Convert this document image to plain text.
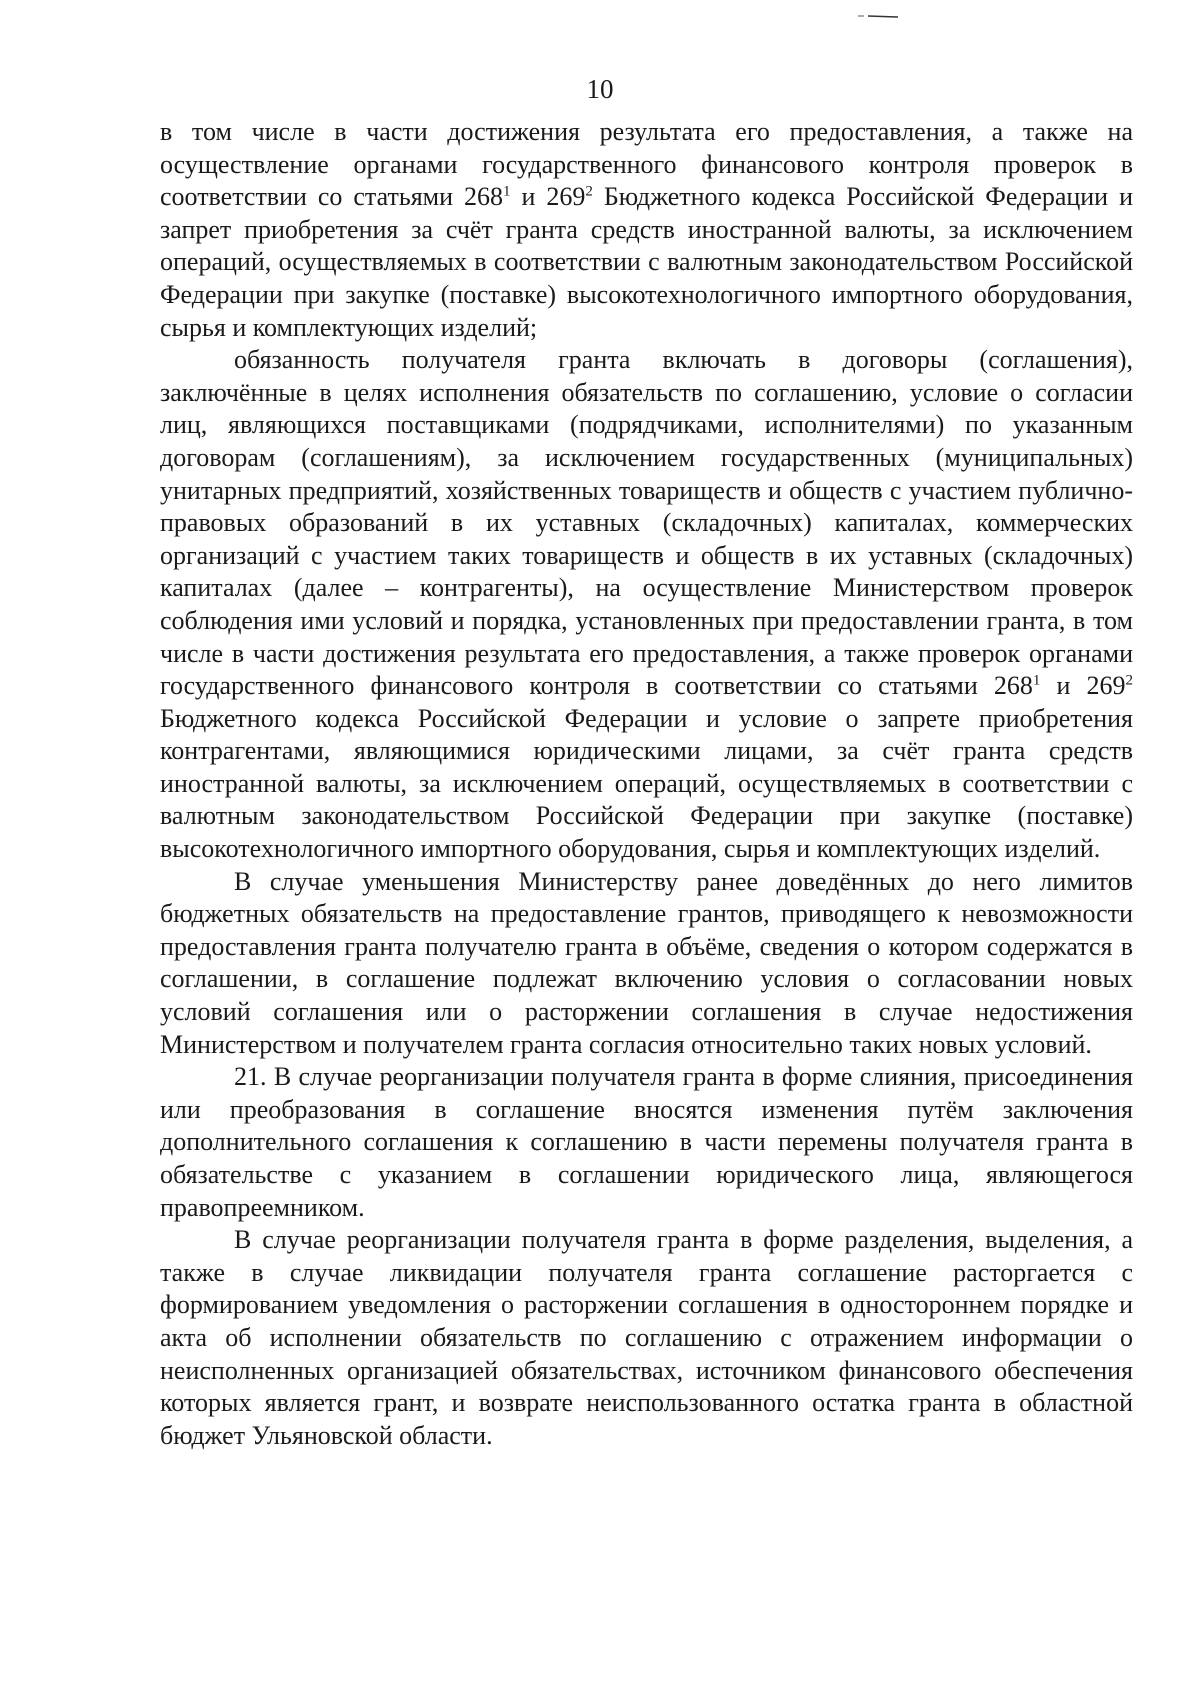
10

в том числе в части достижения результата его предоставления, а также на осуществление органами государственного финансового контроля проверок в соответствии со статьями $268^1$ и $269^2$ Бюджетного кодекса Российской Федерации и запрет приобретения за счёт гранта средств иностранной валюты, за исключением операций, осуществляемых в соответствии с валютным законодательством Российской Федерации при закупке (поставке) высокотехнологичного импортного оборудования, сырья и комплектующих изделий;

обязанность получателя гранта включать в договоры (соглашения), заключённые в целях исполнения обязательств по соглашению, условие о согласии лиц, являющихся поставщиками (подрядчиками, исполнителями) по указанным договорам (соглашениям), за исключением государственных (муниципальных) унитарных предприятий, хозяйственных товариществ и обществ с участием публично-правовых образований в их уставных (складочных) капиталах, коммерческих организаций с участием таких товариществ и обществ в их уставных (складочных) капиталах (далее – контрагенты), на осуществление Министерством проверок соблюдения ими условий и порядка, установленных при предоставлении гранта, в том числе в части достижения результата его предоставления, а также проверок органами государственного финансового контроля в соответствии со статьями $268^1$ и $269^2$ Бюджетного кодекса Российской Федерации и условие о запрете приобретения контрагентами, являющимися юридическими лицами, за счёт гранта средств иностранной валюты, за исключением операций, осуществляемых в соответствии с валютным законодательством Российской Федерации при закупке (поставке) высокотехнологичного импортного оборудования, сырья и комплектующих изделий.

В случае уменьшения Министерству ранее доведённых до него лимитов бюджетных обязательств на предоставление грантов, приводящего к невозможности предоставления гранта получателю гранта в объёме, сведения о котором содержатся в соглашении, в соглашение подлежат включению условия о согласовании новых условий соглашения или о расторжении соглашения в случае недостижения Министерством и получателем гранта согласия относительно таких новых условий.

21. В случае реорганизации получателя гранта в форме слияния, присоединения или преобразования в соглашение вносятся изменения путём заключения дополнительного соглашения к соглашению в части перемены получателя гранта в обязательстве с указанием в соглашении юридического лица, являющегося правопреемником.

В случае реорганизации получателя гранта в форме разделения, выделения, а также в случае ликвидации получателя гранта соглашение расторгается с формированием уведомления о расторжении соглашения в одностороннем порядке и акта об исполнении обязательств по соглашению с отражением информации о неисполненных организацией обязательствах, источником финансового обеспечения которых является грант, и возврате неиспользованного остатка гранта в областной бюджет Ульяновской области.
